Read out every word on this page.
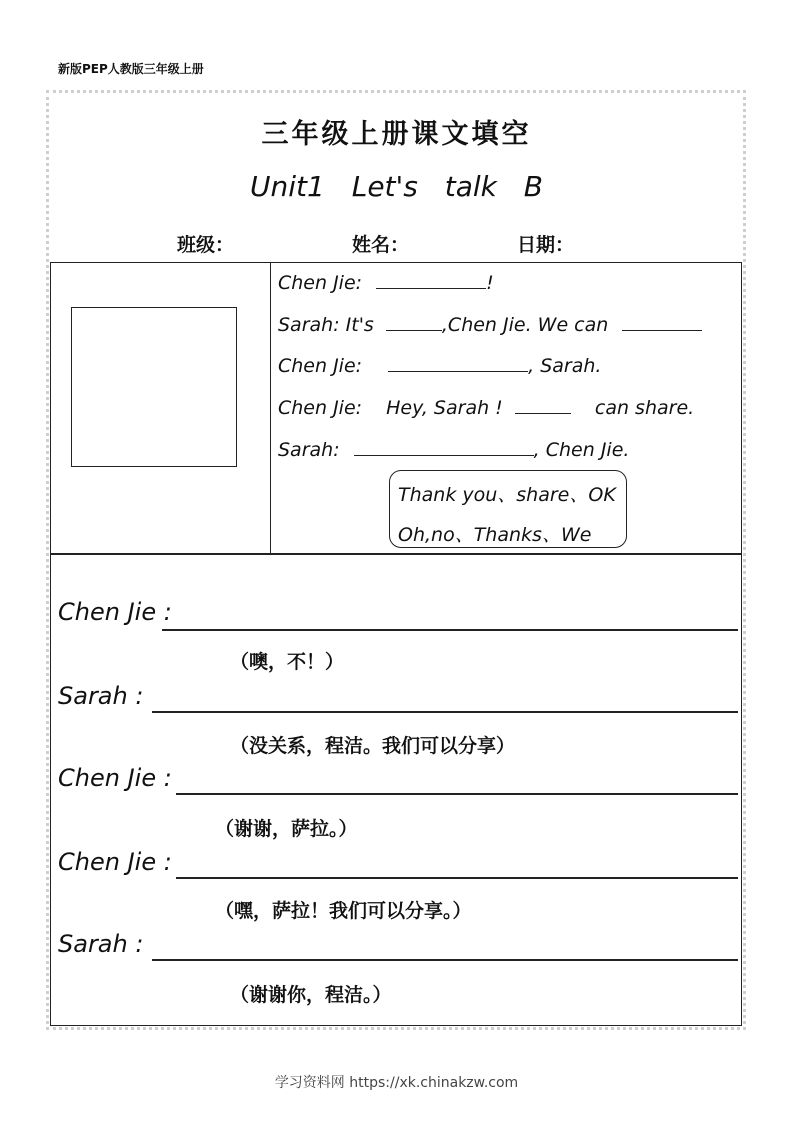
新版PEP人教版三年级上册
三年级上册课文填空
Unit1 Let's talk B
班级：	姓名：	日期：
Chen Jie:	!
Sarah: It's	,Chen Jie. We can
Chen Jie:	, Sarah.
Chen Jie: Hey, Sarah !	can share.
Sarah:	, Chen Jie.
Thank you、share、OK
Oh,no、Thanks、We
Chen Jie :
（噢，不！）
Sarah :
（没关系，程洁。我们可以分享）
Chen Jie :
（谢谢，萨拉。）
Chen Jie :
（嘿，萨拉！我们可以分享。）
Sarah :
（谢谢你，程洁。）
学习资料网 https://xk.chinakzw.com
